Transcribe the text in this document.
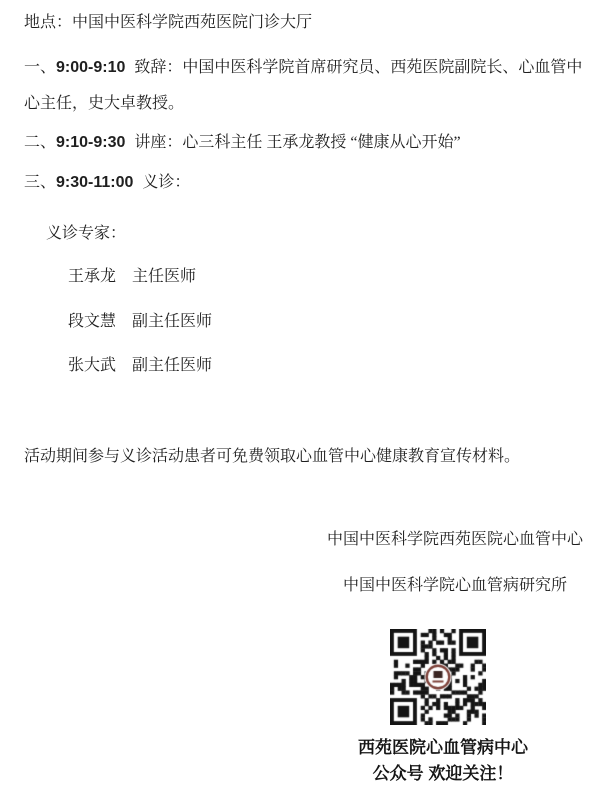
地点：中国中医科学院西苑医院门诊大厅
一、9:00-9:10 致辞：中国中医科学院首席研究员、西苑医院副院长、心血管中心主任，史大卓教授。
二、9:10-9:30 讲座：心三科主任 王承龙教授 “健康从心开始”
三、9:30-11:00 义诊：
义诊专家：
王承龙 主任医师
段文慧 副主任医师
张大武 副主任医师
活动期间参与义诊活动患者可免费领取心血管中心健康教育宣传材料。
中国中医科学院西苑医院心血管中心
中国中医科学院心血管病研究所
西苑医院心血管病中心
公众号 欢迎关注！
